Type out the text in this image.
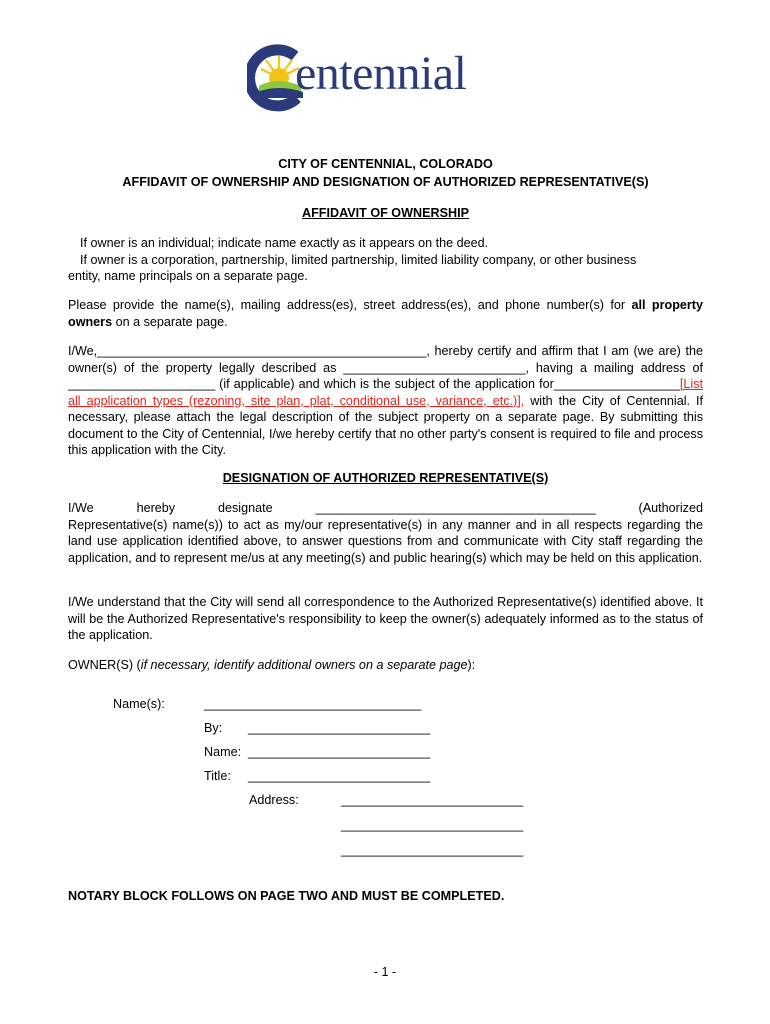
entennial
CITY OF CENTENNIAL, COLORADO
AFFIDAVIT OF OWNERSHIP AND DESIGNATION OF AUTHORIZED REPRESENTATIVE(S)
AFFIDAVIT OF OWNERSHIP
If owner is an individual; indicate name exactly as it appears on the deed.
If owner is a corporation, partnership, limited partnership, limited liability company, or other business
entity, name principals on a separate page.
Please provide the name(s), mailing address(es), street address(es), and phone number(s) for all property owners on a separate page.
I/We,_______________________________________________, hereby certify and affirm that I am (we are) the owner(s) of the property legally described as __________________________, having a mailing address of _____________________ (if applicable) and which is the subject of the application for__________________[List all application types (rezoning, site plan, plat, conditional use, variance, etc.)], with the City of Centennial. If necessary, please attach the legal description of the subject property on a separate page. By submitting this document to the City of Centennial, I/we hereby certify that no other party's consent is required to file and process this application with the City.
DESIGNATION OF AUTHORIZED REPRESENTATIVE(S)
I/We	hereby	designate	________________________________________	(Authorized
Representative(s) name(s)) to act as my/our representative(s) in any manner and in all respects regarding the land use application identified above, to answer questions from and communicate with City staff regarding the application, and to represent me/us at any meeting(s) and public hearing(s) which may be held on this application.
I/We understand that the City will send all correspondence to the Authorized Representative(s) identified above. It will be the Authorized Representative's responsibility to keep the owner(s) adequately informed as to the status of the application.
OWNER(S) (if necessary, identify additional owners on a separate page):
Name(s):	_______________________________
By: __________________________
Name: __________________________
Title: __________________________
Address:	__________________________
__________________________
__________________________
NOTARY BLOCK FOLLOWS ON PAGE TWO AND MUST BE COMPLETED.
- 1 -
